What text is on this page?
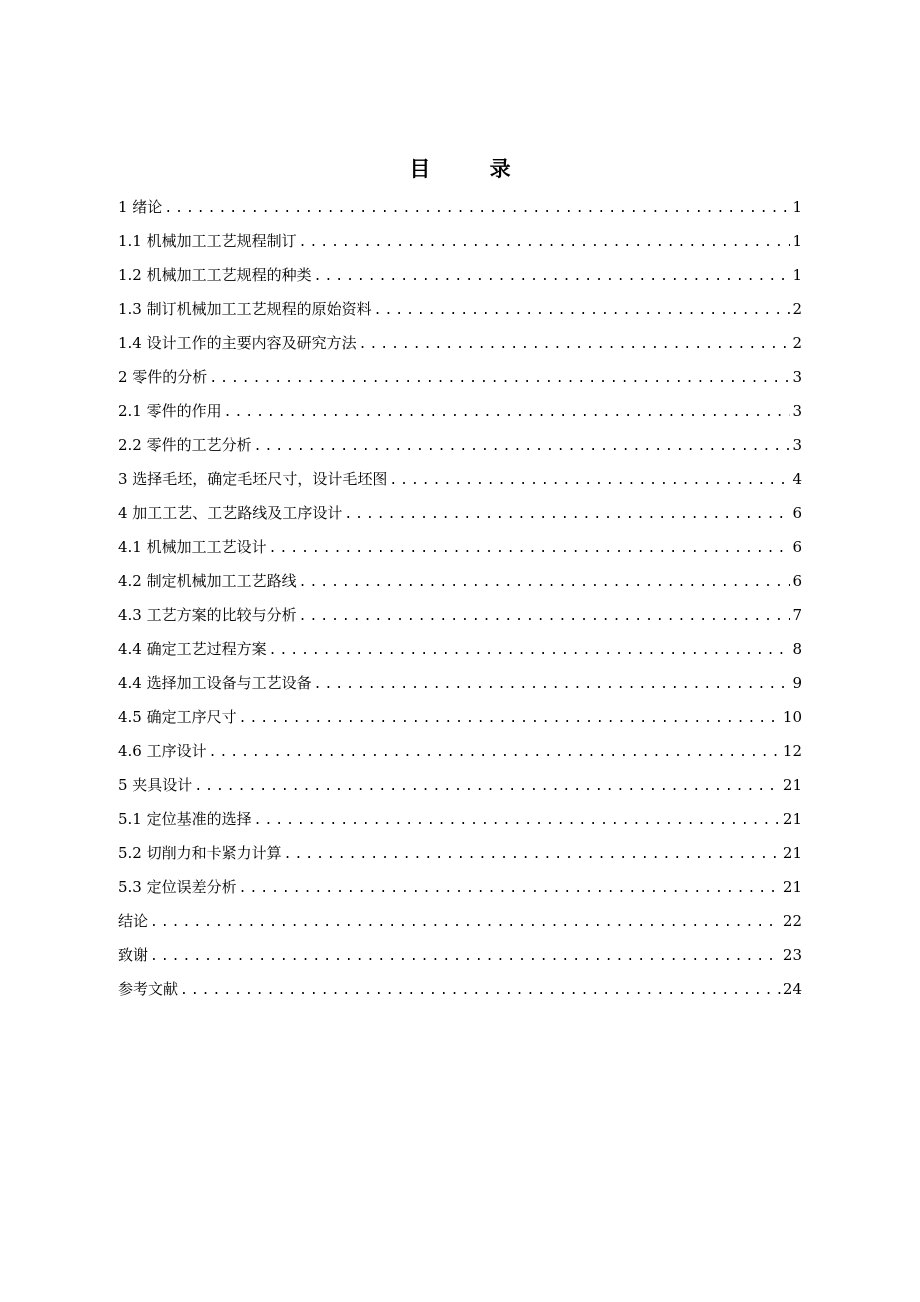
目 录
1 绪论 .....	1
1.1 机械加工工艺规程制订 .....	1
1.2 机械加工工艺规程的种类 .....	1
1.3 制订机械加工工艺规程的原始资料 .....	2
1.4 设计工作的主要内容及研究方法 .....	2
2 零件的分析 .....	3
2.1 零件的作用 .....	3
2.2 零件的工艺分析 .....	3
3 选择毛坯，确定毛坯尺寸，设计毛坯图 .....	4
4 加工工艺、工艺路线及工序设计 .....	6
4.1 机械加工工艺设计 .....	6
4.2 制定机械加工工艺路线 .....	6
4.3 工艺方案的比较与分析 .....	7
4.4 确定工艺过程方案 .....	8
4.4 选择加工设备与工艺设备 .....	9
4.5 确定工序尺寸 .....	10
4.6 工序设计 .....	12
5 夹具设计 .....	21
5.1 定位基准的选择 .....	21
5.2 切削力和卡紧力计算 .....	21
5.3 定位误差分析 .....	21
结论 .....	22
致谢 .....	23
参考文献 .....	24
